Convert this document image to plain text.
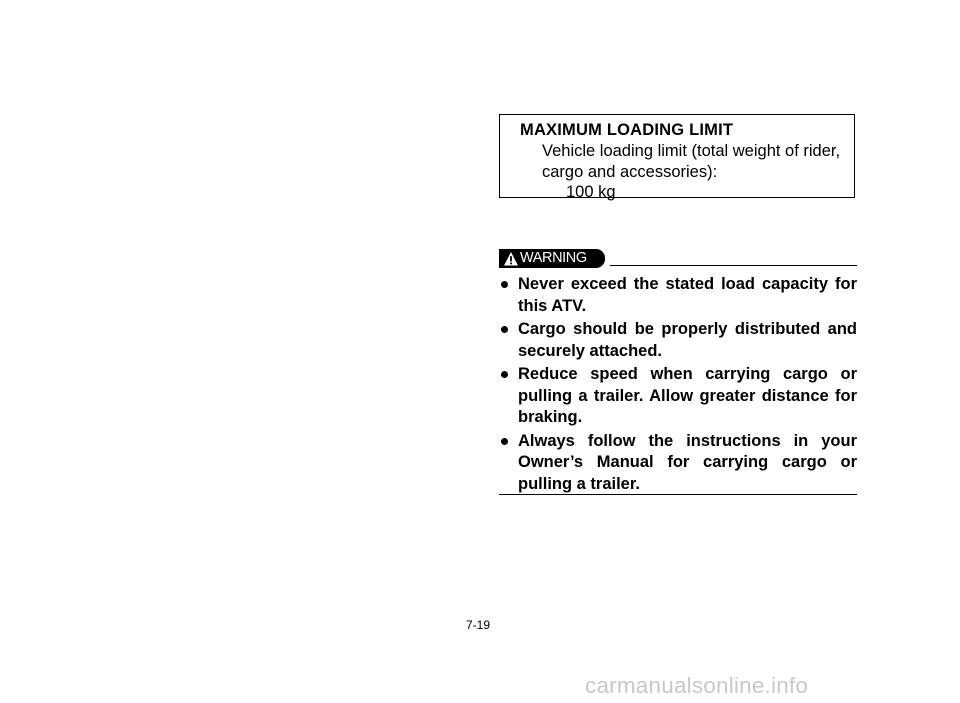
MAXIMUM LOADING LIMIT
Vehicle loading limit (total weight of rider,
cargo and accessories):
100 kg
WARNING
Never exceed the stated load capacity for this ATV.
Cargo should be properly distributed and securely attached.
Reduce speed when carrying cargo or pulling a trailer. Allow greater distance for braking.
Always follow the instructions in your Owner’s Manual for carrying cargo or pulling a trailer.
7-19
carmanualsonline.info
